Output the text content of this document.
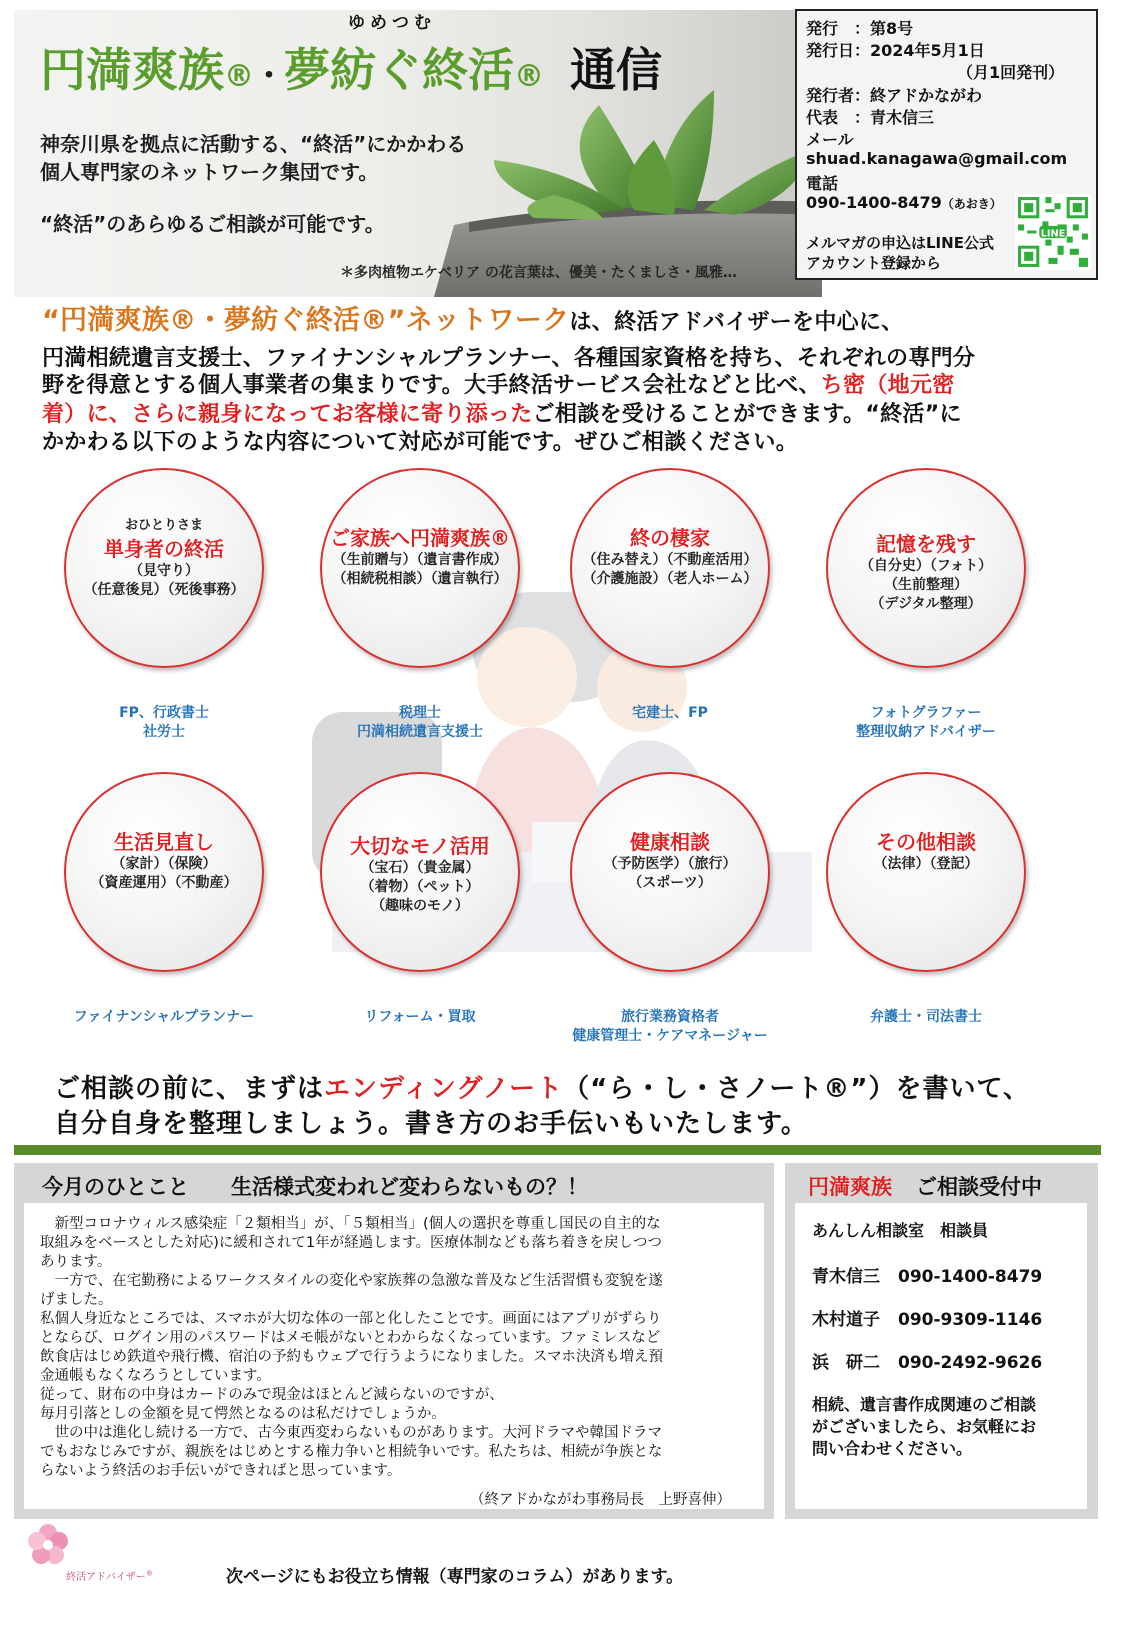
ゆめつむ
円満爽族®・夢紡ぐ終活® 通信
神奈川県を拠点に活動する、“終活”にかかわる
個人専門家のネットワーク集団です。
“終活”のあらゆるご相談が可能です。
＊多肉植物エケベリア の花言葉は、優美・たくましさ・風雅…
発行　：第8号
発行日：2024年5月1日
（月1回発刊）
発行者：終アドかながわ
代表　：青木信三
メール
shuad.kanagawa@gmail.com
電話
090-1400-8479（あおき）
メルマガの申込はLINE公式
アカウント登録から
LINE
“円満爽族®・夢紡ぐ終活®”ネットワークは、終活アドバイザーを中心に、
円満相続遺言支援士、ファイナンシャルプランナー、各種国家資格を持ち、それぞれの専門分
野を得意とする個人事業者の集まりです。大手終活サービス会社などと比べ、ち密（地元密
着）に、さらに親身になってお客様に寄り添ったご相談を受けることができます。“終活”に
かかわる以下のような内容について対応が可能です。ぜひご相談ください。
おひとりさま
単身者の終活
（見守り）
（任意後見）（死後事務）
FP、行政書士
社労士
ご家族へ円満爽族®
（生前贈与）（遺言書作成）
（相続税相談）（遺言執行）
税理士
円満相続遺言支援士
終の棲家
（住み替え）（不動産活用）
（介護施設）（老人ホーム）
宅建士、FP
記憶を残す
（自分史）（フォト）
（生前整理）
（デジタル整理）
フォトグラファー
整理収納アドバイザー
生活見直し
（家計）（保険）
（資産運用）（不動産）
ファイナンシャルプランナー
大切なモノ活用
（宝石）（貴金属）
（着物）（ペット）
（趣味のモノ）
リフォーム・買取
健康相談
（予防医学）（旅行）
（スポーツ）
旅行業務資格者
健康管理士・ケアマネージャー
その他相談
（法律）（登記）
弁護士・司法書士
ご相談の前に、まずはエンディングノート（“ら・し・さノート®”）を書いて、
自分自身を整理しましょう。書き方のお手伝いもいたします。
今月のひとこと　　生活様式変われど変わらないもの？！
　新型コロナウィルス感染症「２類相当」が、「５類相当」(個人の選択を尊重し国民の自主的な
取組みをベースとした対応)に緩和されて1年が経過します。医療体制なども落ち着きを戻しつつ
あります。
　一方で、在宅勤務によるワークスタイルの変化や家族葬の急激な普及など生活習慣も変貌を遂
げました。
私個人身近なところでは、スマホが大切な体の一部と化したことです。画面にはアプリがずらり
とならび、ログイン用のパスワードはメモ帳がないとわからなくなっています。ファミレスなど
飲食店はじめ鉄道や飛行機、宿泊の予約もウェブで行うようになりました。スマホ決済も増え預
金通帳もなくなろうとしています。
従って、財布の中身はカードのみで現金はほとんど減らないのですが、
毎月引落としの金額を見て愕然となるのは私だけでしょうか。
　世の中は進化し続ける一方で、古今東西変わらないものがあります。大河ドラマや韓国ドラマ
でもおなじみですが、親族をはじめとする権力争いと相続争いです。私たちは、相続が争族とな
らないよう終活のお手伝いができればと思っています。
（終アドかながわ事務局長　上野喜伸）
円満爽族 ご相談受付中
あんしん相談室　相談員
青木信三 090-1400-8479
木村道子 090-9309-1146
浜　研二 090-2492-9626
相続、遺言書作成関連のご相談
がございましたら、お気軽にお
問い合わせください。
終活アドバイザー®	次ページにもお役立ち情報（専門家のコラム）があります。
